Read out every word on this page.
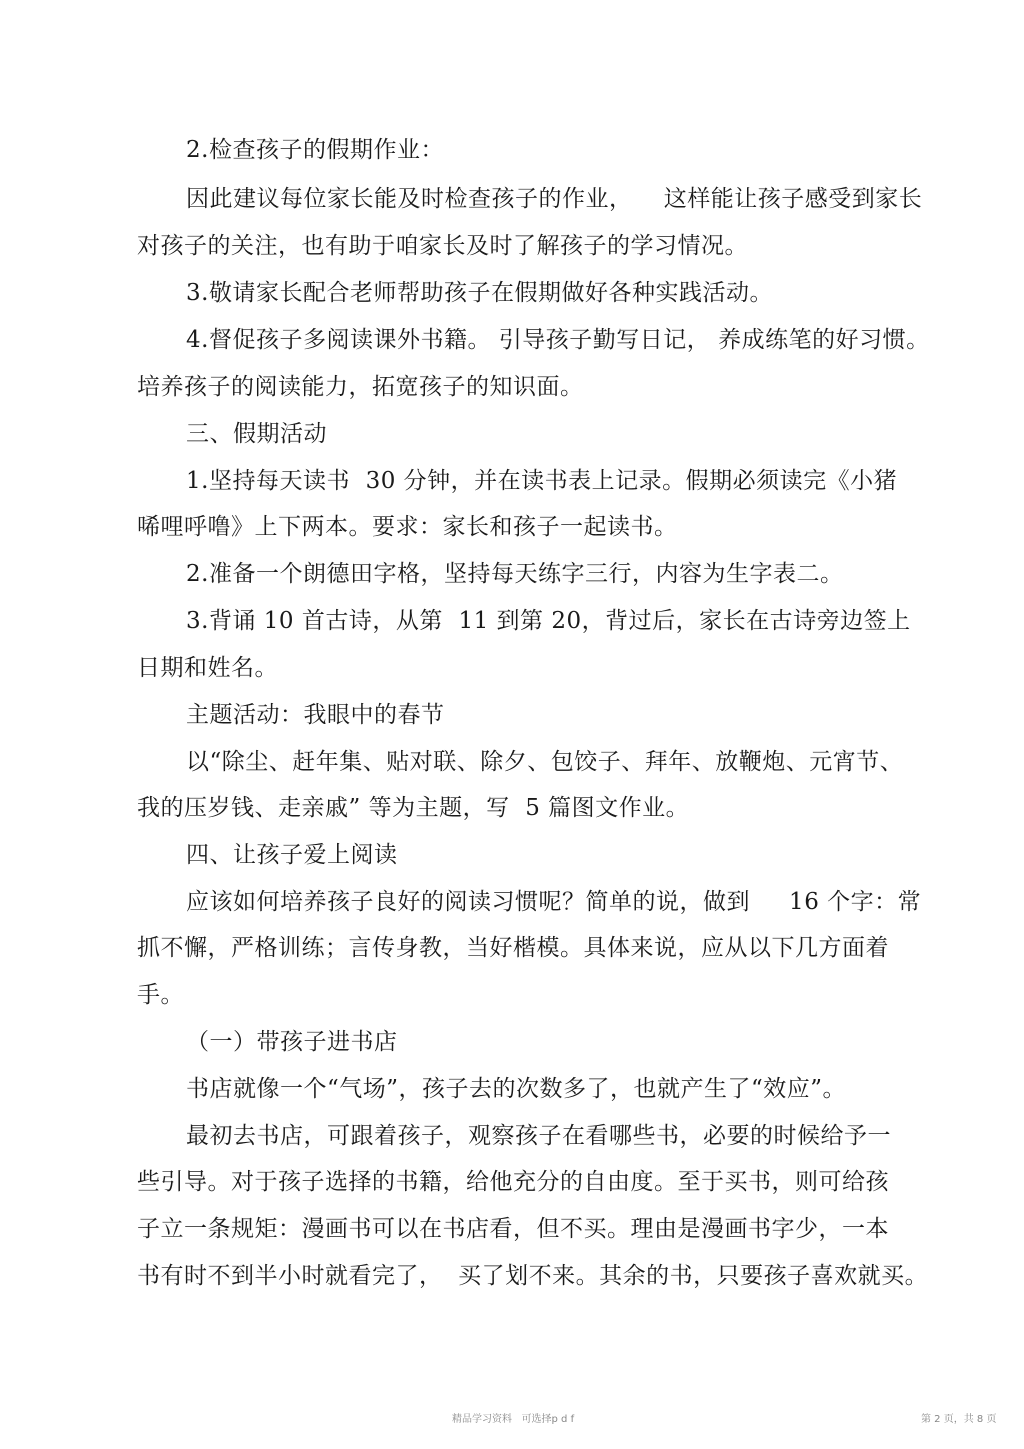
2.检查孩子的假期作业：
因此建议每位家长能及时检查孩子的作业，    这样能让孩子感受到家长
对孩子的关注，也有助于咱家长及时了解孩子的学习情况。
3.敬请家长配合老师帮助孩子在假期做好各种实践活动。
4.督促孩子多阅读课外书籍。 引导孩子勤写日记， 养成练笔的好习惯。
培养孩子的阅读能力，拓宽孩子的知识面。
三、假期活动
1.坚持每天读书  30 分钟，并在读书表上记录。假期必须读完《小猪
唏哩呼噜》上下两本。要求：家长和孩子一起读书。
2.准备一个朗德田字格，坚持每天练字三行，内容为生字表二。
3.背诵 10 首古诗，从第  11 到第 20，背过后，家长在古诗旁边签上
日期和姓名。
主题活动：我眼中的春节
以“除尘、赶年集、贴对联、除夕、包饺子、拜年、放鞭炮、元宵节、
我的压岁钱、走亲戚” 等为主题，写  5 篇图文作业。
四、让孩子爱上阅读
应该如何培养孩子良好的阅读习惯呢？简单的说，做到     16 个字：常
抓不懈，严格训练；言传身教，当好楷模。具体来说，应从以下几方面着
手。
（一）带孩子进书店
书店就像一个“气场”，孩子去的次数多了，也就产生了“效应”。
最初去书店，可跟着孩子，观察孩子在看哪些书，必要的时候给予一
些引导。对于孩子选择的书籍，给他充分的自由度。至于买书，则可给孩
子立一条规矩：漫画书可以在书店看，但不买。理由是漫画书字少，一本
书有时不到半小时就看完了，  买了划不来。其余的书，只要孩子喜欢就买。
精品学习资料   可选择p d f	第 2 页，共 8 页
